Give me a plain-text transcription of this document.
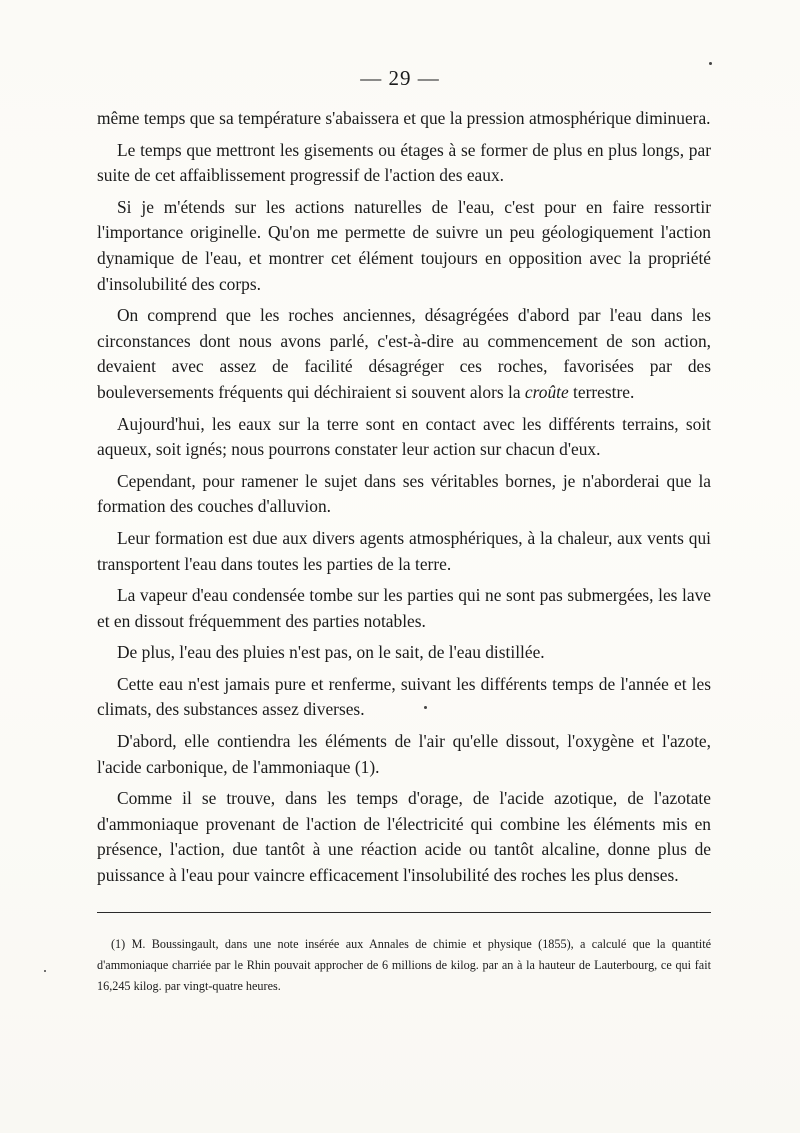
— 29 —

même temps que sa température s'abaissera et que la pression atmosphérique diminuera.

Le temps que mettront les gisements ou étages à se former de plus en plus longs, par suite de cet affaiblissement progressif de l'action des eaux.

Si je m'étends sur les actions naturelles de l'eau, c'est pour en faire ressortir l'importance originelle. Qu'on me permette de suivre un peu géologiquement l'action dynamique de l'eau, et montrer cet élément toujours en opposition avec la propriété d'insolubilité des corps.

On comprend que les roches anciennes, désagrégées d'abord par l'eau dans les circonstances dont nous avons parlé, c'est-à-dire au commencement de son action, devaient avec assez de facilité désagréger ces roches, favorisées par des bouleversements fréquents qui déchiraient si souvent alors la croûte terrestre.

Aujourd'hui, les eaux sur la terre sont en contact avec les différents terrains, soit aqueux, soit ignés; nous pourrons constater leur action sur chacun d'eux.

Cependant, pour ramener le sujet dans ses véritables bornes, je n'aborderai que la formation des couches d'alluvion.

Leur formation est due aux divers agents atmosphériques, à la chaleur, aux vents qui transportent l'eau dans toutes les parties de la terre.

La vapeur d'eau condensée tombe sur les parties qui ne sont pas submergées, les lave et en dissout fréquemment des parties notables.

De plus, l'eau des pluies n'est pas, on le sait, de l'eau distillée.

Cette eau n'est jamais pure et renferme, suivant les différents temps de l'année et les climats, des substances assez diverses.

D'abord, elle contiendra les éléments de l'air qu'elle dissout, l'oxygène et l'azote, l'acide carbonique, de l'ammoniaque (1).

Comme il se trouve, dans les temps d'orage, de l'acide azotique, de l'azotate d'ammoniaque provenant de l'action de l'électricité qui combine les éléments mis en présence, l'action, due tantôt à une réaction acide ou tantôt alcaline, donne plus de puissance à l'eau pour vaincre efficacement l'insolubilité des roches les plus denses.

(1) M. Boussingault, dans une note insérée aux Annales de chimie et physique (1855), a calculé que la quantité d'ammoniaque charriée par le Rhin pouvait approcher de 6 millions de kilog. par an à la hauteur de Lauterbourg, ce qui fait 16,245 kilog. par vingt-quatre heures.
